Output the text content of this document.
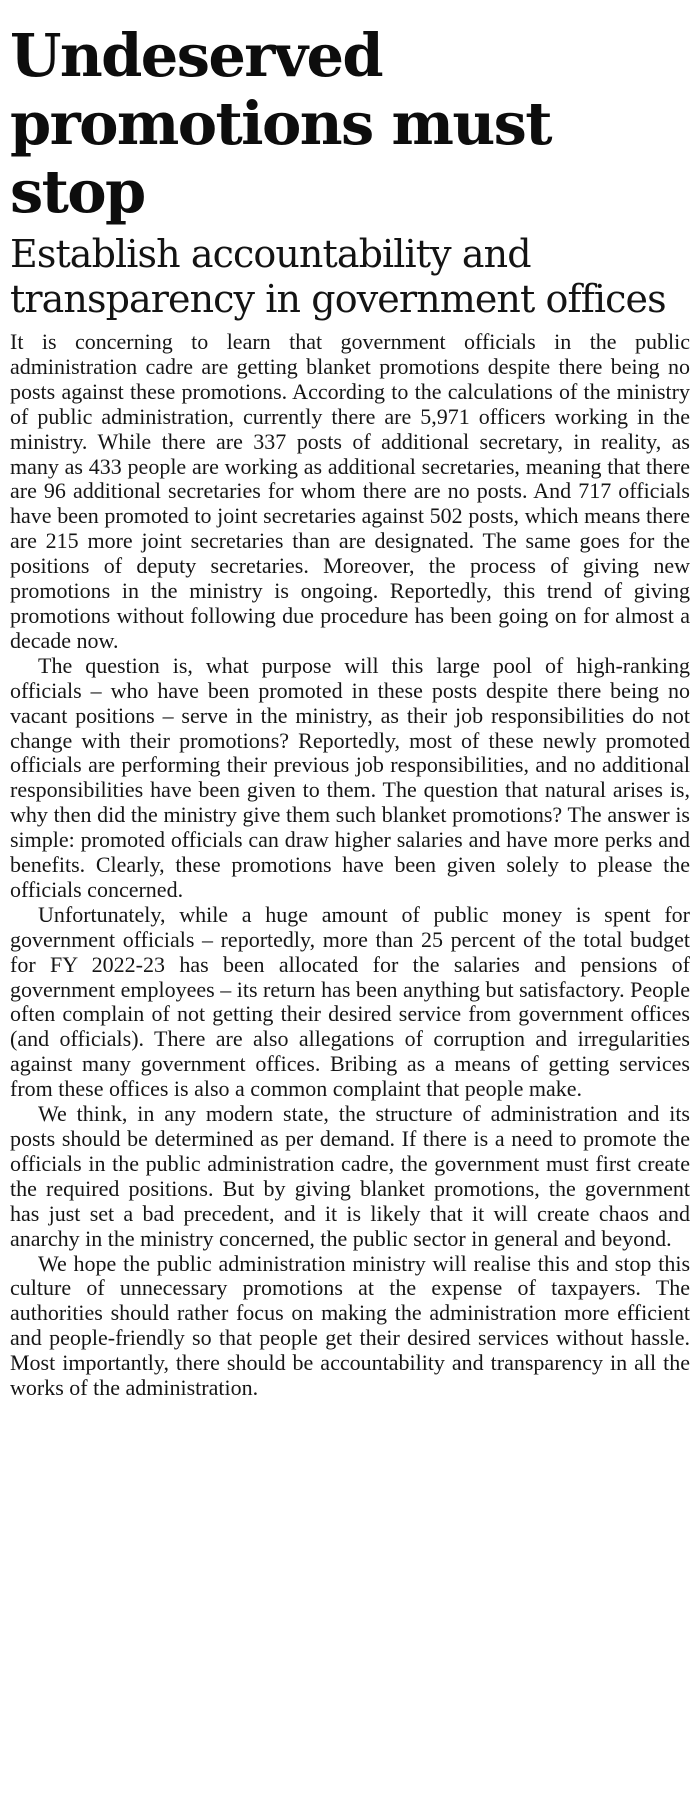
Undeserved promotions must stop
Establish accountability and transparency in government offices

It is concerning to learn that government officials in the public administration cadre are getting blanket promotions despite there being no posts against these promotions. According to the calculations of the ministry of public administration, currently there are 5,971 officers working in the ministry. While there are 337 posts of additional secretary, in reality, as many as 433 people are working as additional secretaries, meaning that there are 96 additional secretaries for whom there are no posts. And 717 officials have been promoted to joint secretaries against 502 posts, which means there are 215 more joint secretaries than are designated. The same goes for the positions of deputy secretaries. Moreover, the process of giving new promotions in the ministry is ongoing. Reportedly, this trend of giving promotions without following due procedure has been going on for almost a decade now.

The question is, what purpose will this large pool of high-ranking officials – who have been promoted in these posts despite there being no vacant positions – serve in the ministry, as their job responsibilities do not change with their promotions? Reportedly, most of these newly promoted officials are performing their previous job responsibilities, and no additional responsibilities have been given to them. The question that natural arises is, why then did the ministry give them such blanket promotions? The answer is simple: promoted officials can draw higher salaries and have more perks and benefits. Clearly, these promotions have been given solely to please the officials concerned.

Unfortunately, while a huge amount of public money is spent for government officials – reportedly, more than 25 percent of the total budget for FY 2022-23 has been allocated for the salaries and pensions of government employees – its return has been anything but satisfactory. People often complain of not getting their desired service from government offices (and officials). There are also allegations of corruption and irregularities against many government offices. Bribing as a means of getting services from these offices is also a common complaint that people make.

We think, in any modern state, the structure of administration and its posts should be determined as per demand. If there is a need to promote the officials in the public administration cadre, the government must first create the required positions. But by giving blanket promotions, the government has just set a bad precedent, and it is likely that it will create chaos and anarchy in the ministry concerned, the public sector in general and beyond.

We hope the public administration ministry will realise this and stop this culture of unnecessary promotions at the expense of taxpayers. The authorities should rather focus on making the administration more efficient and people-friendly so that people get their desired services without hassle. Most importantly, there should be accountability and transparency in all the works of the administration.
